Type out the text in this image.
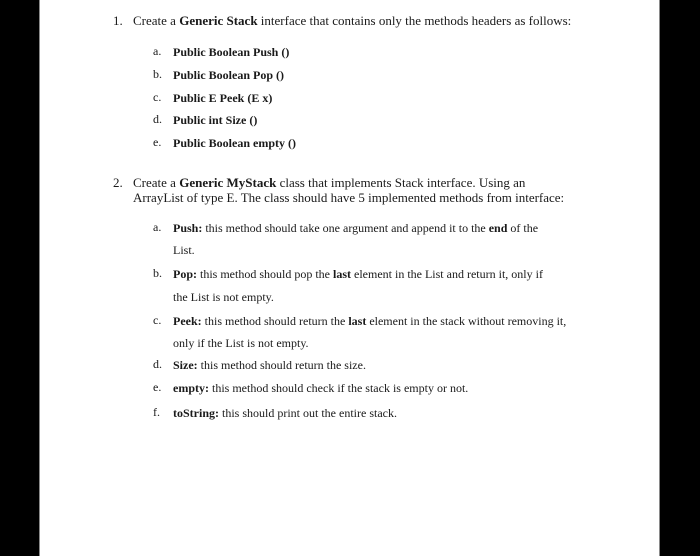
1. Create a Generic Stack interface that contains only the methods headers as follows:
a. Public Boolean Push ()
b. Public Boolean Pop ()
c. Public E Peek (E x)
d. Public int Size ()
e. Public Boolean empty ()
2. Create a Generic MyStack class that implements Stack interface. Using an
ArrayList of type E. The class should have 5 implemented methods from interface:
a. Push: this method should take one argument and append it to the end of the
List.
b. Pop: this method should pop the last element in the List and return it, only if
the List is not empty.
c. Peek: this method should return the last element in the stack without removing it,
only if the List is not empty.
d. Size: this method should return the size.
e. empty: this method should check if the stack is empty or not.
f. toString: this should print out the entire stack.
